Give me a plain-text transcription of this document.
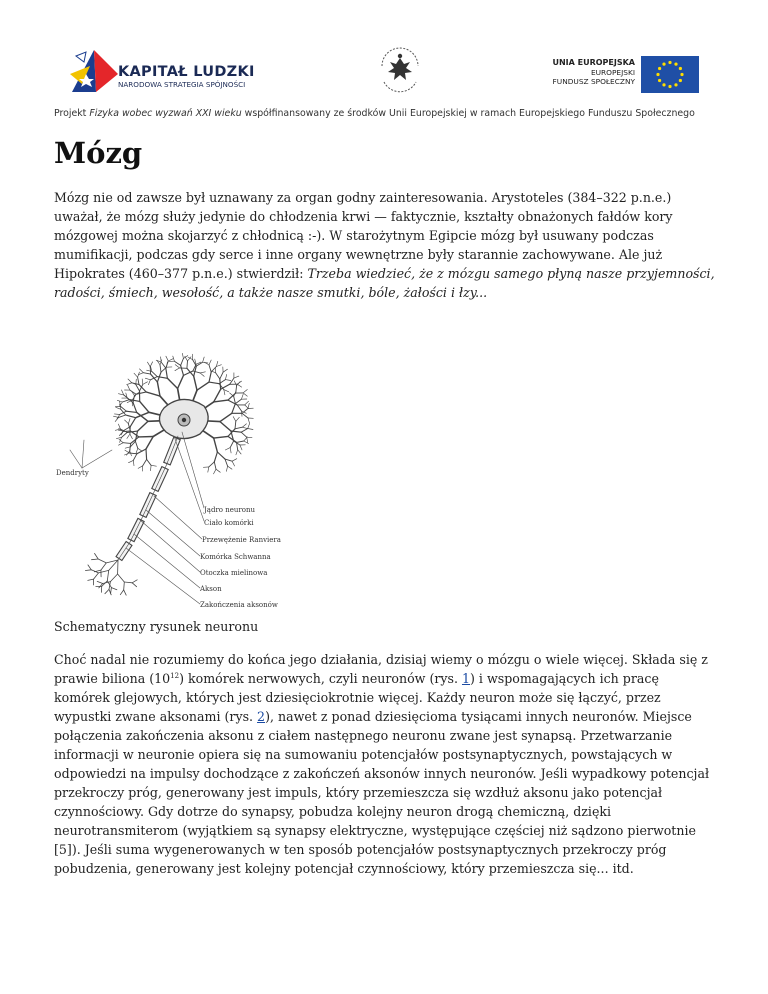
KAPITAŁ LUDZKI
NARODOWA STRATEGIA SPÓJNOŚCI
UNIA EUROPEJSKA
EUROPEJSKI
FUNDUSZ SPOŁECZNY
Projekt Fizyka wobec wyzwań XXI wieku współfinansowany ze środków Unii Europejskiej w ramach Europejskiego Funduszu Społecznego
Mózg

Mózg nie od zawsze był uznawany za organ godny zainteresowania. Arystoteles (384–322 p.n.e.) uważał, że mózg służy jedynie do chłodzenia krwi — faktycznie, kształty obnażonych fałdów kory mózgowej można skojarzyć z chłodnicą :-). W starożytnym Egipcie mózg był usuwany podczas mumifikacji, podczas gdy serce i inne organy wewnętrzne były starannie zachowywane. Ale już Hipokrates (460–377 p.n.e.) stwierdził: Trzeba wiedzieć, że z mózgu samego płyną nasze przyjemności, radości, śmiech, wesołość, a także nasze smutki, bóle, żałości i łzy...

Dendryty
Jądro neuronu
Ciało komórki
Przewężenie Ranviera
Komórka Schwanna
Otoczka mielinowa
Akson
Zakończenia aksonów
Schematyczny rysunek neuronu

Choć nadal nie rozumiemy do końca jego działania, dzisiaj wiemy o mózgu o wiele więcej. Składa się z prawie biliona $(10^{12})$ komórek nerwowych, czyli neuronów (rys. 1) i wspomagających ich pracę komórek glejowych, których jest dziesięciokrotnie więcej. Każdy neuron może się łączyć, przez wypustki zwane aksonami (rys. 2), nawet z ponad dziesięcioma tysiącami innych neuronów. Miejsce połączenia zakończenia aksonu z ciałem następnego neuronu zwane jest synapsą. Przetwarzanie informacji w neuronie opiera się na sumowaniu potencjałów postsynaptycznych, powstających w odpowiedzi na impulsy dochodzące z zakończeń aksonów innych neuronów. Jeśli wypadkowy potencjał przekroczy próg, generowany jest impuls, który przemieszcza się wzdłuż aksonu jako potencjał czynnościowy. Gdy dotrze do synapsy, pobudza kolejny neuron drogą chemiczną, dzięki neurotransmiterom (wyjątkiem są synapsy elektryczne, występujące częściej niż sądzono pierwotnie [5]). Jeśli suma wygenerowanych w ten sposób potencjałów postsynaptycznych przekroczy próg pobudzenia, generowany jest kolejny potencjał czynnościowy, który przemieszcza się... itd.
